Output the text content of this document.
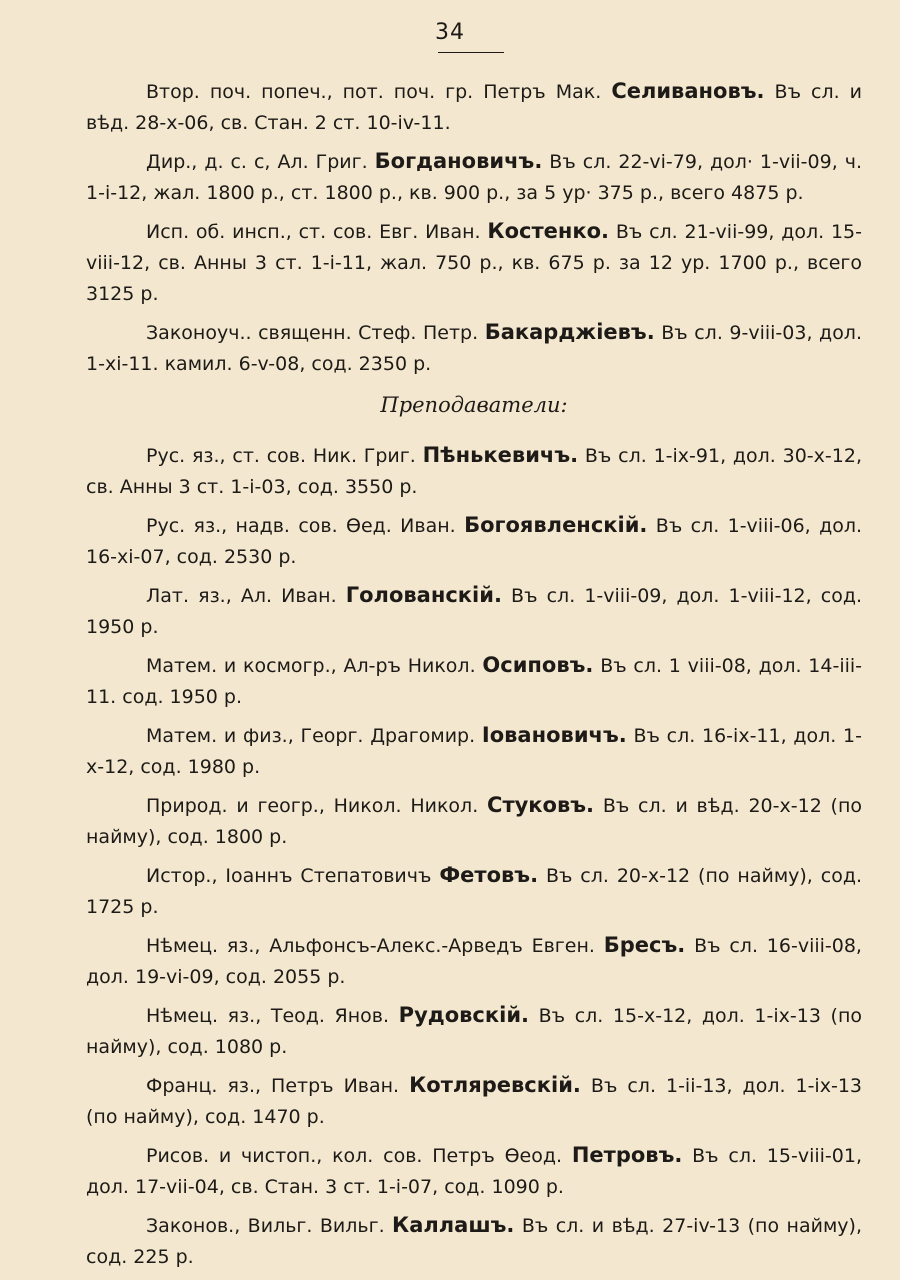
34

Втор. поч. попеч., пот. поч. гр. Петръ Мак. Селивановъ. Въ сл. и вѣд. 28-х-06, св. Стан. 2 ст. 10-iv-11.

Дир., д. с. с, Ал. Григ. Богдановичъ. Въ сл. 22-vi-79, дол· 1-vii-09, ч. 1-i-12, жал. 1800 р., ст. 1800 р., кв. 900 р., за 5 ур· 375 р., всего 4875 р.

Исп. об. инсп., ст. сов. Евг. Иван. Костенко. Въ сл. 21-vii-99, дол. 15-viii-12, св. Анны 3 ст. 1-i-11, жал. 750 р., кв. 675 р. за 12 ур. 1700 р., всего 3125 р.

Законоуч.. священн. Стеф. Петр. Бакарджіевъ. Въ сл. 9-viii-03, дол. 1-xi-11. камил. 6-v-08, сод. 2350 р.

Преподаватели:

Рус. яз., ст. сов. Ник. Григ. Пѣнькевичъ. Въ сл. 1-ix-91, дол. 30-х-12, св. Анны 3 ст. 1-i-03, сод. 3550 р.

Рус. яз., надв. сов. Ѳед. Иван. Богоявленскій. Въ сл. 1-viii-06, дол. 16-xi-07, сод. 2530 р.

Лат. яз., Ал. Иван. Голованскій. Въ сл. 1-viii-09, дол. 1-viii-12, сод. 1950 р.

Матем. и космогр., Ал-ръ Никол. Осиповъ. Въ сл. 1 viii-08, дол. 14-iii-11. сод. 1950 р.

Матем. и физ., Георг. Драгомир. Іовановичъ. Въ сл. 16-ix-11, дол. 1-х-12, сод. 1980 р.

Природ. и геогр., Никол. Никол. Стуковъ. Въ сл. и вѣд. 20-х-12 (по найму), сод. 1800 р.

Истор., Іоаннъ Степатовичъ Фетовъ. Въ сл. 20-х-12 (по найму), сод. 1725 р.

Нѣмец. яз., Альфонсъ-Алекс.-Арведъ Евген. Бресъ. Въ сл. 16-viii-08, дол. 19-vi-09, сод. 2055 р.

Нѣмец. яз., Теод. Янов. Рудовскій. Въ сл. 15-х-12, дол. 1-ix-13 (по найму), сод. 1080 р.

Франц. яз., Петръ Иван. Котляревскій. Въ сл. 1-ii-13, дол. 1-ix-13 (по найму), сод. 1470 р.

Рисов. и чистоп., кол. сов. Петръ Ѳеод. Петровъ. Въ сл. 15-viii-01, дол. 17-vii-04, св. Стан. 3 ст. 1-i-07, сод. 1090 р.

Законов., Вильг. Вильг. Каллашъ. Въ сл. и вѣд. 27-iv-13 (по найму), сод. 225 р.
